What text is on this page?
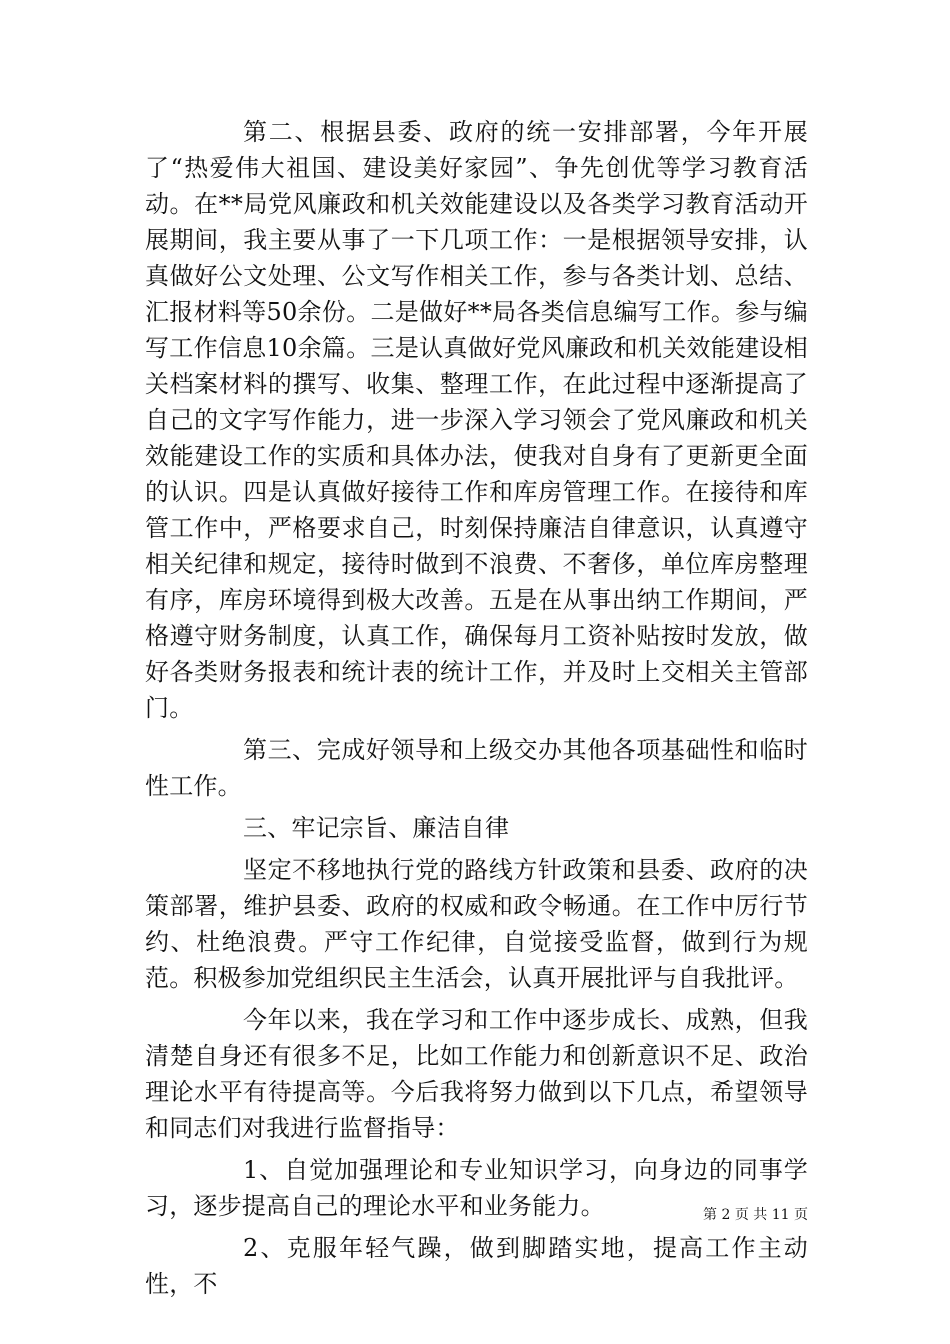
第二、根据县委、政府的统一安排部署，今年开展了“热爱伟大祖国、建设美好家园”、争先创优等学习教育活动。在**局党风廉政和机关效能建设以及各类学习教育活动开展期间，我主要从事了一下几项工作：一是根据领导安排，认真做好公文处理、公文写作相关工作，参与各类计划、总结、汇报材料等50余份。二是做好**局各类信息编写工作。参与编写工作信息10余篇。三是认真做好党风廉政和机关效能建设相关档案材料的撰写、收集、整理工作，在此过程中逐渐提高了自己的文字写作能力，进一步深入学习领会了党风廉政和机关效能建设工作的实质和具体办法，使我对自身有了更新更全面的认识。四是认真做好接待工作和库房管理工作。在接待和库管工作中，严格要求自己，时刻保持廉洁自律意识，认真遵守相关纪律和规定，接待时做到不浪费、不奢侈，单位库房整理有序，库房环境得到极大改善。五是在从事出纳工作期间，严格遵守财务制度，认真工作，确保每月工资补贴按时发放，做好各类财务报表和统计表的统计工作，并及时上交相关主管部门。

第三、完成好领导和上级交办其他各项基础性和临时性工作。

三、牢记宗旨、廉洁自律

坚定不移地执行党的路线方针政策和县委、政府的决策部署，维护县委、政府的权威和政令畅通。在工作中厉行节约、杜绝浪费。严守工作纪律，自觉接受监督，做到行为规范。积极参加党组织民主生活会，认真开展批评与自我批评。

今年以来，我在学习和工作中逐步成长、成熟，但我清楚自身还有很多不足，比如工作能力和创新意识不足、政治理论水平有待提高等。今后我将努力做到以下几点，希望领导和同志们对我进行监督指导：

1、自觉加强理论和专业知识学习，向身边的同事学习，逐步提高自己的理论水平和业务能力。

2、克服年轻气躁，做到脚踏实地，提高工作主动性，不

第 2 页 共 11 页
